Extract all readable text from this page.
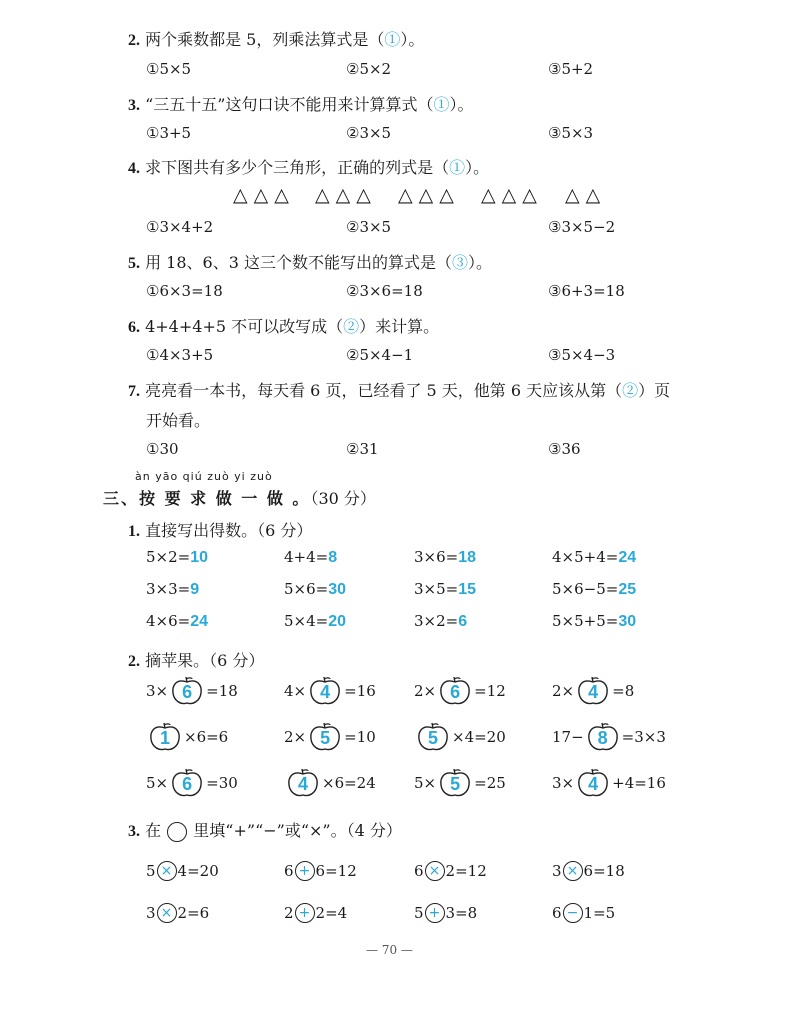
2. 两个乘数都是 5，列乘法算式是（①）。
①5×5	②5×2	③5+2
3. “三五十五”这句口诀不能用来计算算式（①）。
①3+5	②3×5	③5×3
4. 求下图共有多少个三角形，正确的列式是（①）。
△△△ △△△ △△△ △△△ △△
①3×4+2	②3×5	③3×5−2
5. 用 18、6、3 这三个数不能写出的算式是（③）。
①6×3=18	②3×6=18	③6+3=18
6. 4+4+4+5 不可以改写成（②）来计算。
①4×3+5	②5×4−1	③5×4−3
7. 亮亮看一本书，每天看 6 页，已经看了 5 天，他第 6 天应该从第（②）页
开始看。
①30	②31	③36
àn yāo qiú zuò yi zuò
三、按 要 求 做 一 做 。（30 分）
1. 直接写出得数。（6 分）
5×2=10	4+4=8	3×6=18	4×5+4=24
3×3=9	5×6=30	3×5=15	5×6−5=25
4×6=24	5×4=20	3×2=6	5×5+5=30
2. 摘苹果。（6 分）
3× 6 =18	4× 4 =16	2× 6 =12	2× 4 =8
1 ×6=6	2× 5 =10	5 ×4=20	17− 8 =3×3
5× 6 =30	4 ×6=24	5× 5 =25	3× 4 +4=16
3. 在 里填“+”“−”或“×”。（4 分）
5 × 4=20	6 + 6=12	6 × 2=12	3 × 6=18
3 × 2=6	2 + 2=4	5 + 3=8	6 − 1=5
— 70 —
